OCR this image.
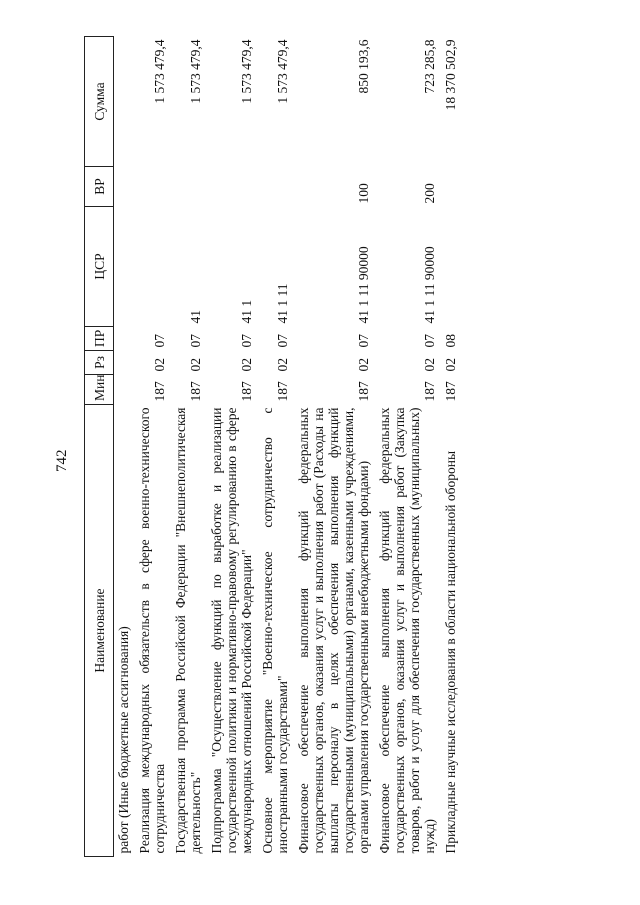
742
Наименование	Мин	Рз	ПР	ЦСР	ВР	Сумма
работ (Иные бюджетные ассигнования)						
Реализация международных обязательств в сфере военно-технического сотрудничества	187	02	07			1 573 479,4
Государственная программа Российской Федерации "Внешнеполитическая деятельность"	187	02	07	41		1 573 479,4
Подпрограмма "Осуществление функций по выработке и реализации государственной политики и нормативно-правовому регулированию в сфере международных отношений Российской Федерации"	187	02	07	41 1		1 573 479,4
Основное мероприятие "Военно-техническое сотрудничество с иностранными государствами"	187	02	07	41 1 11		1 573 479,4
Финансовое обеспечение выполнения функций федеральных государственных органов, оказания услуг и выполнения работ (Расходы на выплаты персоналу в целях обеспечения выполнения функций государственными (муниципальными) органами, казенными учреждениями, органами управления государственными внебюджетными фондами)	187	02	07	41 1 11 90000	100	850 193,6
Финансовое обеспечение выполнения функций федеральных государственных органов, оказания услуг и выполнения работ (Закупка товаров, работ и услуг для обеспечения государственных (муниципальных) нужд)	187	02	07	41 1 11 90000	200	723 285,8
Прикладные научные исследования в области национальной обороны	187	02	08			18 370 502,9
